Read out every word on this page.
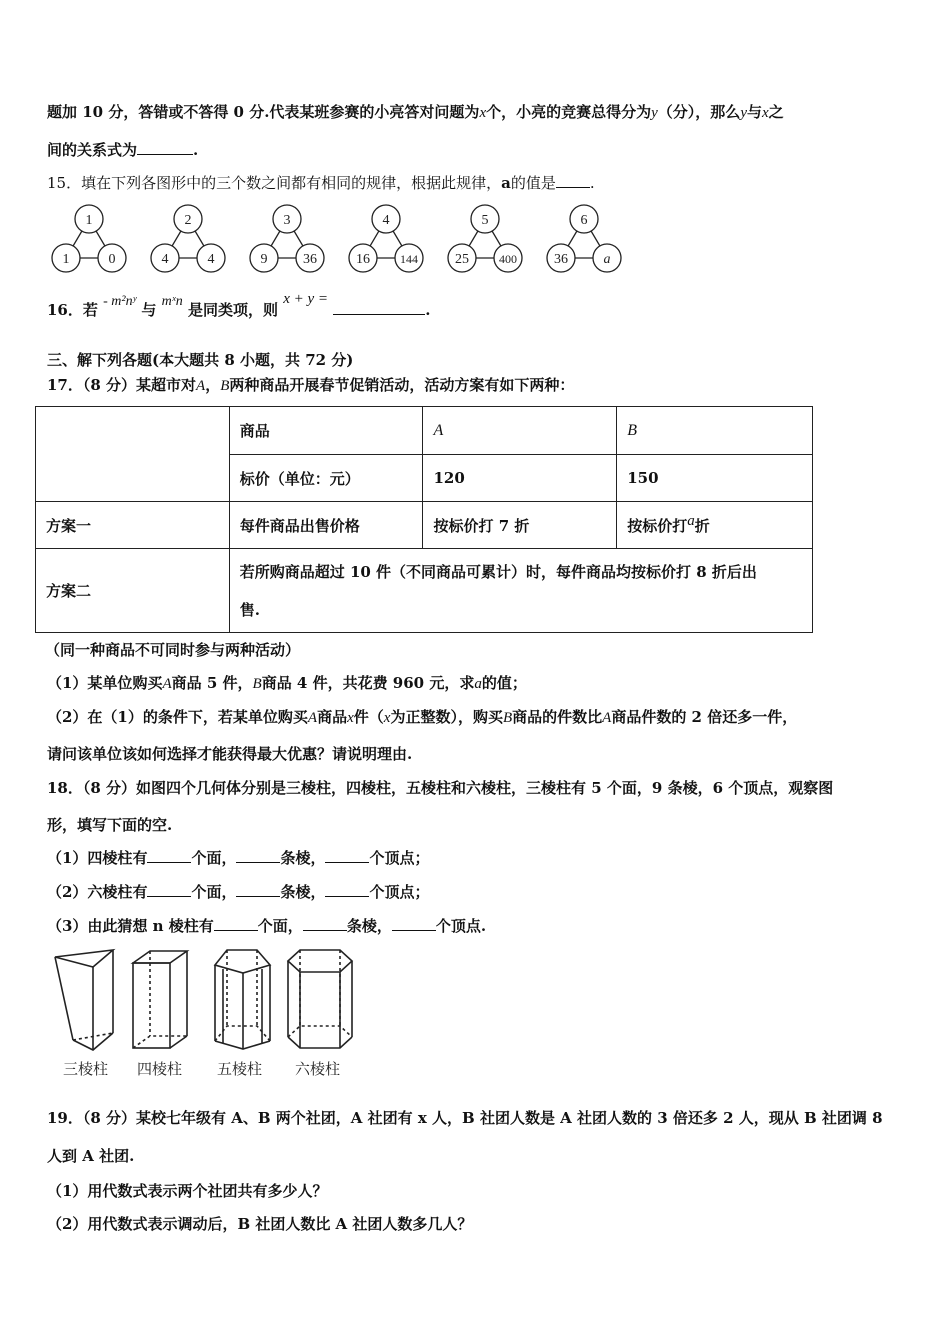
题加 10 分，答错或不答得 0 分.代表某班参赛的小亮答对问题为x个，小亮的竞赛总得分为y（分），那么y与x之
间的关系式为	.
15．填在下列各图形中的三个数之间都有相同的规律，根据此规律，a的值是 .
1
1	0
2
4	4
3
9	36
4
16	144
5
25	400
6
36	a
16．若 - m²nʸ 与 mˣn 是同类项，则 x + y = .
三、解下列各题(本大题共 8 小题，共 72 分)
17．（8 分）某超市对A，B两种商品开展春节促销活动，活动方案有如下两种：
	商品	A	B
	标价（单位：元）	120	150
方案一	每件商品出售价格	按标价打 7 折	按标价打a折
方案二	若所购商品超过 10 件（不同商品可累计）时，每件商品均按标价打 8 折后出
售.		
（同一种商品不可同时参与两种活动）
（1）某单位购买A商品 5 件，B商品 4 件，共花费 960 元，求a的值；
（2）在（1）的条件下，若某单位购买A商品x件（x为正整数），购买B商品的件数比A商品件数的 2 倍还多一件，
请问该单位该如何选择才能获得最大优惠？请说明理由.
18．（8 分）如图四个几何体分别是三棱柱，四棱柱，五棱柱和六棱柱，三棱柱有 5 个面，9 条棱，6 个顶点，观察图
形，填写下面的空.
（1）四棱柱有	个面，	条棱，	个顶点；
（2）六棱柱有	个面，	条棱，	个顶点；
（3）由此猜想 n 棱柱有	个面，	条棱，	个顶点.
三棱柱 四棱柱 五棱柱 六棱柱
19．（8 分）某校七年级有 A、B 两个社团，A 社团有 x 人，B 社团人数是 A 社团人数的 3 倍还多 2 人，现从 B 社团调 8
人到 A 社团.
（1）用代数式表示两个社团共有多少人？
（2）用代数式表示调动后，B 社团人数比 A 社团人数多几人？
